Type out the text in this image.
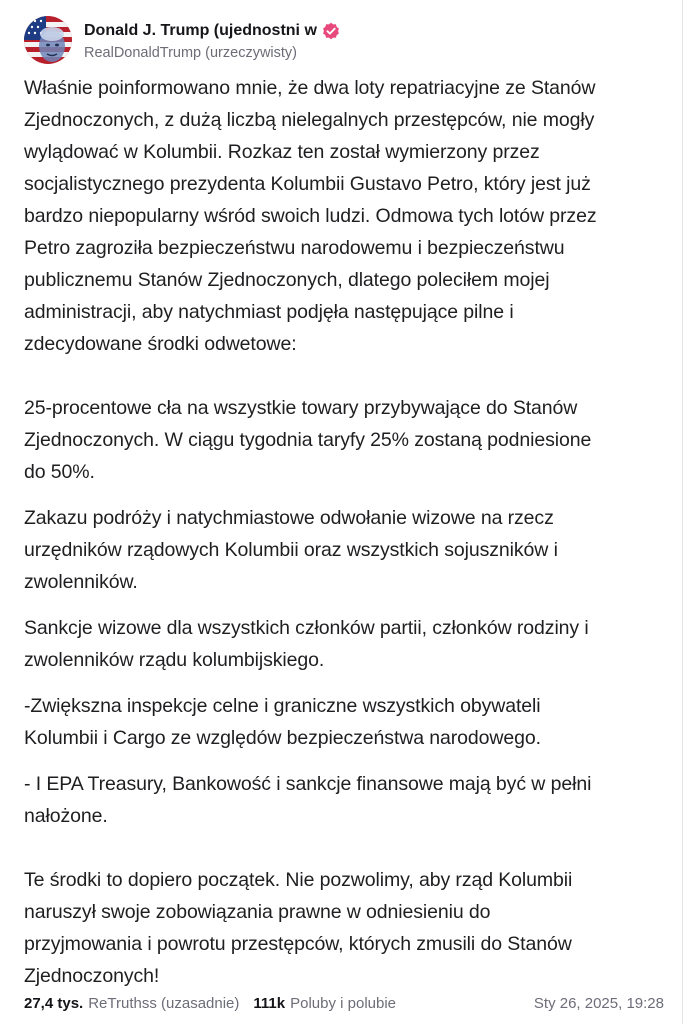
Donald J. Trump (ujednostni w
RealDonaldTrump (urzeczywisty)

Właśnie poinformowano mnie, że dwa loty repatriacyjne ze Stanów
Zjednoczonych, z dużą liczbą nielegalnych przestępców, nie mogły
wylądować w Kolumbii. Rozkaz ten został wymierzony przez
socjalistycznego prezydenta Kolumbii Gustavo Petro, który jest już
bardzo niepopularny wśród swoich ludzi. Odmowa tych lotów przez
Petro zagroziła bezpieczeństwu narodowemu i bezpieczeństwu
publicznemu Stanów Zjednoczonych, dlatego poleciłem mojej
administracji, aby natychmiast podjęła następujące pilne i
zdecydowane środki odwetowe:

25-procentowe cła na wszystkie towary przybywające do Stanów
Zjednoczonych. W ciągu tygodnia taryfy 25% zostaną podniesione
do 50%.

Zakazu podróży i natychmiastowe odwołanie wizowe na rzecz
urzędników rządowych Kolumbii oraz wszystkich sojuszników i
zwolenników.

Sankcje wizowe dla wszystkich członków partii, członków rodziny i
zwolenników rządu kolumbijskiego.

-Zwiększna inspekcje celne i graniczne wszystkich obywateli
Kolumbii i Cargo ze względów bezpieczeństwa narodowego.

- I EPA Treasury, Bankowość i sankcje finansowe mają być w pełni
nałożone.

Te środki to dopiero początek. Nie pozwolimy, aby rząd Kolumbii
naruszył swoje zobowiązania prawne w odniesieniu do
przyjmowania i powrotu przestępców, których zmusili do Stanów
Zjednoczonych!

27,4 tys. ReTruthss (uzasadnie) 111k Poluby i polubie	Sty 26, 2025, 19:28
